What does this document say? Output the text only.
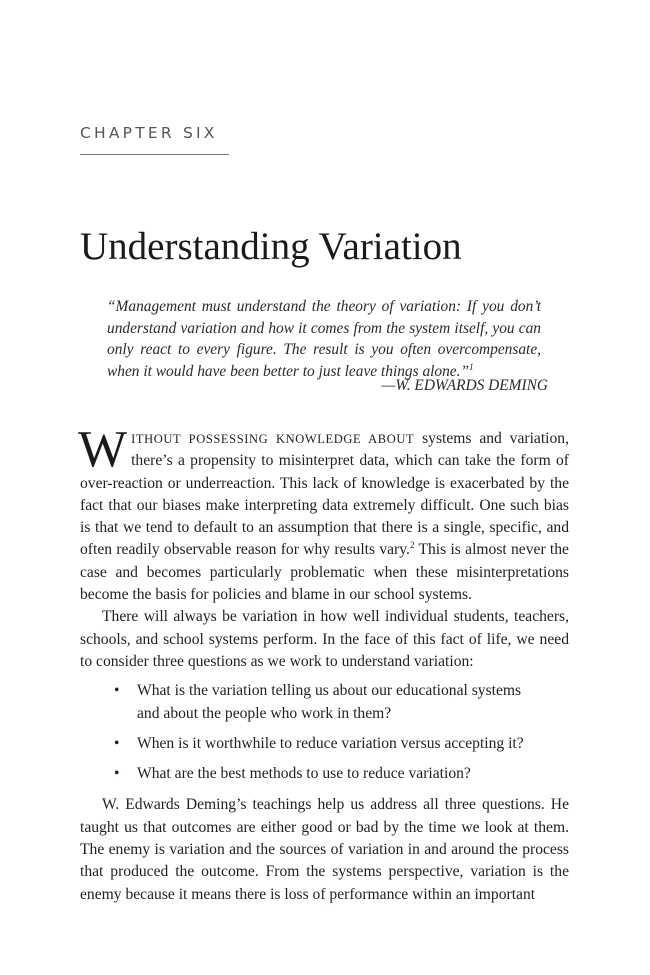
CHAPTER SIX
Understanding Variation
“Management must understand the theory of variation: If you don’t understand variation and how it comes from the system itself, you can only react to every figure. The result is you often overcompensate, when it would have been better to just leave things alone.”$^1$
—W. EDWARDS DEMING

WITHOUT POSSESSING KNOWLEDGE ABOUT systems and variation, there’s a propensity to misinterpret data, which can take the form of over-reaction or underreaction. This lack of knowledge is exacerbated by the fact that our biases make interpreting data extremely difficult. One such bias is that we tend to default to an assumption that there is a single, specific, and often readily observable reason for why results vary.$^2$ This is almost never the case and becomes particularly problematic when these misinterpretations become the basis for policies and blame in our school systems.

There will always be variation in how well individual students, teachers, schools, and school systems perform. In the face of this fact of life, we need to consider three questions as we work to understand variation:

• What is the variation telling us about our educational systems and about the people who work in them?
• When is it worthwhile to reduce variation versus accepting it?
• What are the best methods to use to reduce variation?

W. Edwards Deming’s teachings help us address all three questions. He taught us that outcomes are either good or bad by the time we look at them. The enemy is variation and the sources of variation in and around the process that produced the outcome. From the systems perspective, variation is the enemy because it means there is loss of performance within an important
